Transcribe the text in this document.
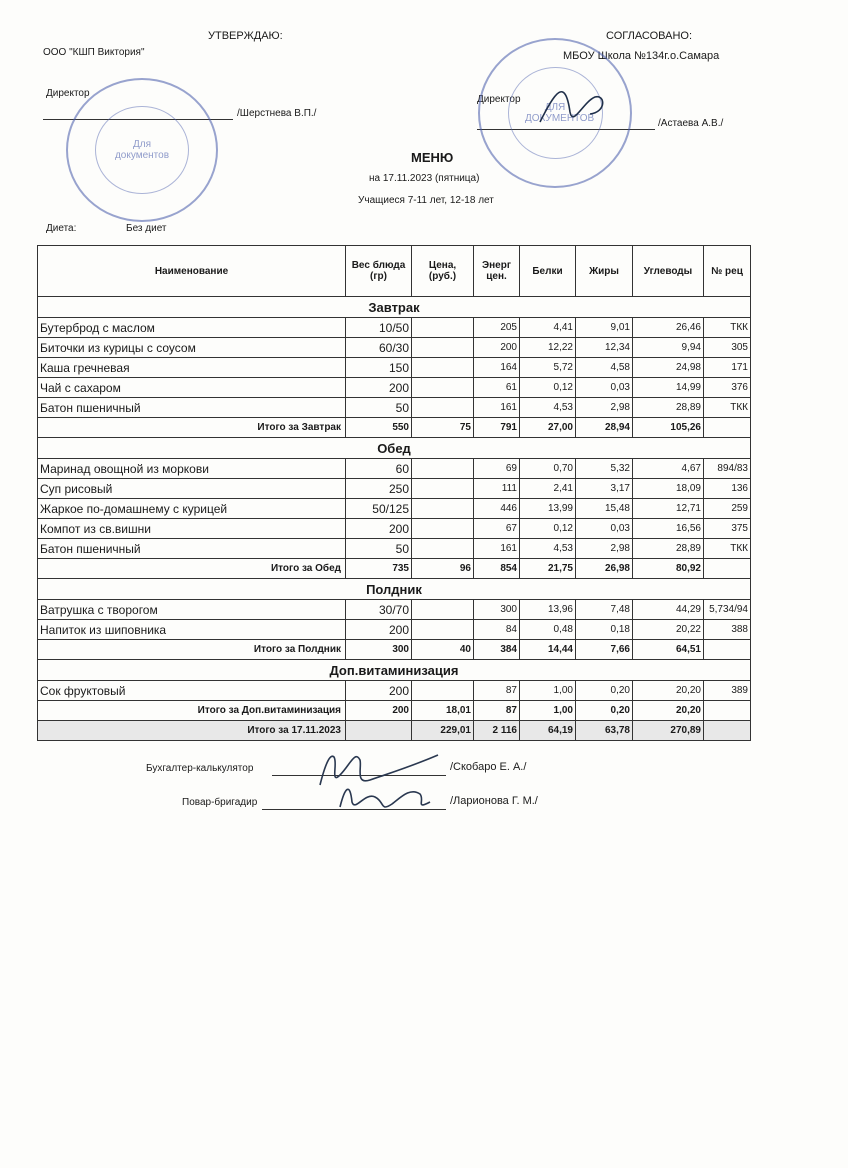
УТВЕРЖДАЮ:	СОГЛАСОВАНО:
ООО "КШП Виктория"	МБОУ Школа №134г.о.Самара
Директор
/Шерстнева В.П./
Директор
/Астаева А.В./
Для документов
ДЛЯ ДОКУМЕНТОВ
МЕНЮ
на 17.11.2023 (пятница)
Учащиеся 7-11 лет, 12-18 лет
Диета:	Без диет
Наименование	Вес блюда (гр)	Цена, (руб.)	Энерг цен.	Белки	Жиры	Углеводы	№ рец
Завтрак							
Бутерброд с маслом	10/50		205	4,41	9,01	26,46	ТКК
Биточки из курицы с соусом	60/30		200	12,22	12,34	9,94	305
Каша гречневая	150		164	5,72	4,58	24,98	171
Чай с сахаром	200		61	0,12	0,03	14,99	376
Батон пшеничный	50		161	4,53	2,98	28,89	ТКК
Итого за Завтрак	550	75	791	27,00	28,94	105,26	
Обед							
Маринад овощной из моркови	60		69	0,70	5,32	4,67	894/83
Суп рисовый	250		111	2,41	3,17	18,09	136
Жаркое по-домашнему с курицей	50/125		446	13,99	15,48	12,71	259
Компот из св.вишни	200		67	0,12	0,03	16,56	375
Батон пшеничный	50		161	4,53	2,98	28,89	ТКК
Итого за Обед	735	96	854	21,75	26,98	80,92	
Полдник							
Ватрушка с творогом	30/70		300	13,96	7,48	44,29	5,734/94
Напиток из шиповника	200		84	0,48	0,18	20,22	388
Итого за Полдник	300	40	384	14,44	7,66	64,51	
Доп.витаминизация							
Сок фруктовый	200		87	1,00	0,20	20,20	389
Итого за Доп.витаминизация	200	18,01	87	1,00	0,20	20,20	
Итого за 17.11.2023		229,01	2 116	64,19	63,78	270,89	
Бухгалтер-калькулятор	/Скобаро Е. А./
Повар-бригадир	/Ларионова Г. М./
